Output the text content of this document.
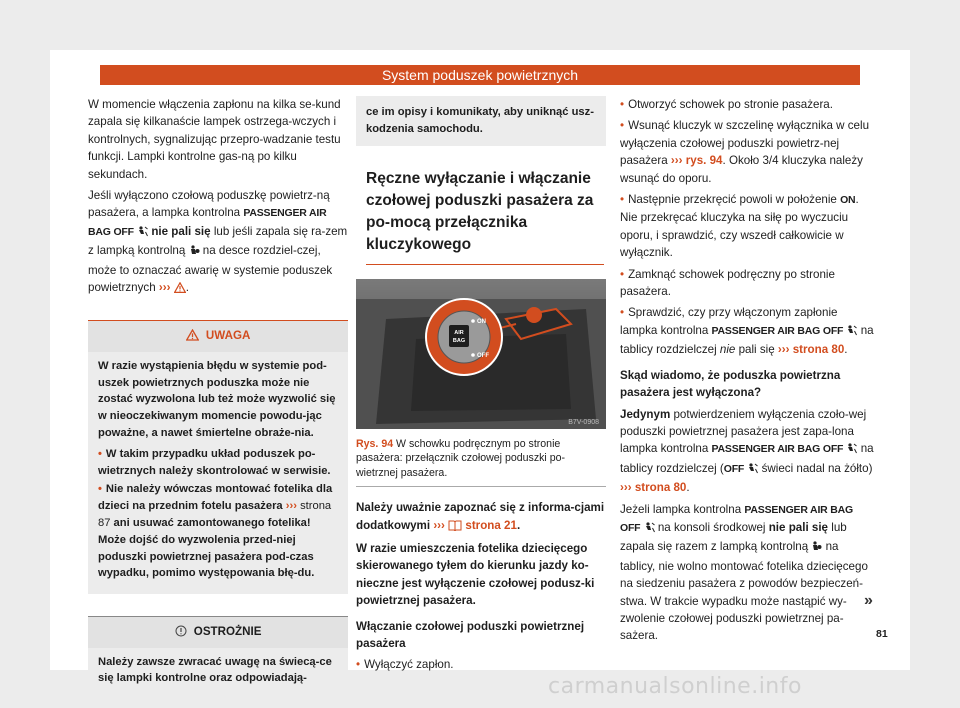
System poduszek powietrznych

W momencie włączenia zapłonu na kilka se-kund zapala się kilkanaście lampek ostrzega-wczych i kontrolnych, sygnalizując przepro-wadzanie testu funkcji. Lampki kontrolne gas-ną po kilku sekundach.

Jeśli wyłączono czołową poduszkę powietrz-ną pasażera, a lampka kontrolna PASSENGER AIR BAG OFF  nie pali się lub jeśli zapala się ra-zem z lampką kontrolną  na desce rozdziel-czej, może to oznaczać awarię w systemie poduszek powietrznych ››› .

UWAGA

W razie wystąpienia błędu w systemie pod-uszek powietrznych poduszka może nie zostać wyzwolona lub też może wyzwolić się w nieoczekiwanym momencie powodu-jąc poważne, a nawet śmiertelne obraże-nia.

• W takim przypadku układ poduszek po-wietrznych należy skontrolować w serwisie.

• Nie należy wówczas montować fotelika dla dzieci na przednim fotelu pasażera ››› strona 87 ani usuwać zamontowanego fotelika! Może dojść do wyzwolenia przed-niej poduszki powietrznej pasażera pod-czas wypadku, pomimo występowania błę-du.

OSTROŻNIE
Należy zawsze zwracać uwagę na świecą-ce się lampki kontrolne oraz odpowiadają-
ce im opisy i komunikaty, aby uniknąć usz-kodzenia samochodu.
Ręczne wyłączanie i włączanie czołowej poduszki pasażera za po-mocą przełącznika kluczykowego
AIR
BAG
ON
OFF
B7V-0908
Rys. 94 W schowku podręcznym po stronie pasażera: przełącznik czołowej poduszki po-wietrznej pasażera.

Należy uważnie zapoznać się z informa-cjami dodatkowymi ››› strona 21.

W razie umieszczenia fotelika dziecięcego skierowanego tyłem do kierunku jazdy ko-nieczne jest wyłączenie czołowej podusz-ki powietrznej pasażera.

Włączanie czołowej poduszki powietrznej pasażera

• Wyłączyć zapłon.

• Otworzyć schowek po stronie pasażera.

• Wsunąć kluczyk w szczelinę wyłącznika w celu wyłączenia czołowej poduszki powietrz-nej pasażera ››› rys. 94. Około 3/4 kluczyka należy wsunąć do oporu.

• Następnie przekręcić powoli w położenie ON. Nie przekręcać kluczyka na siłę po wyczuciu oporu, i sprawdzić, czy wszedł całkowicie w wyłącznik.

• Zamknąć schowek podręczny po stronie pasażera.

• Sprawdzić, czy przy włączonym zapłonie lampka kontrolna PASSENGER AIR BAG OFF  na tablicy rozdzielczej nie pali się ››› strona 80.

Skąd wiadomo, że poduszka powietrzna pasażera jest wyłączona?

Jedynym potwierdzeniem wyłączenia czoło-wej poduszki powietrznej pasażera jest zapa-lona lampka kontrolna PASSENGER AIR BAG OFF  na tablicy rozdzielczej (OFF  świeci nadal na żółto) ››› strona 80.

Jeżeli lampka kontrolna PASSENGER AIR BAG OFF  na konsoli środkowej nie pali się lub zapala się razem z lampką kontrolną  na tablicy, nie wolno montować fotelika dziecięcego na siedzeniu pasażera z powodów bezpieczeń-stwa. W trakcie wypadku może nastąpić wy-zwolenie czołowej poduszki powietrznej pa-sażera.

»
81
carmanualsonline.info
